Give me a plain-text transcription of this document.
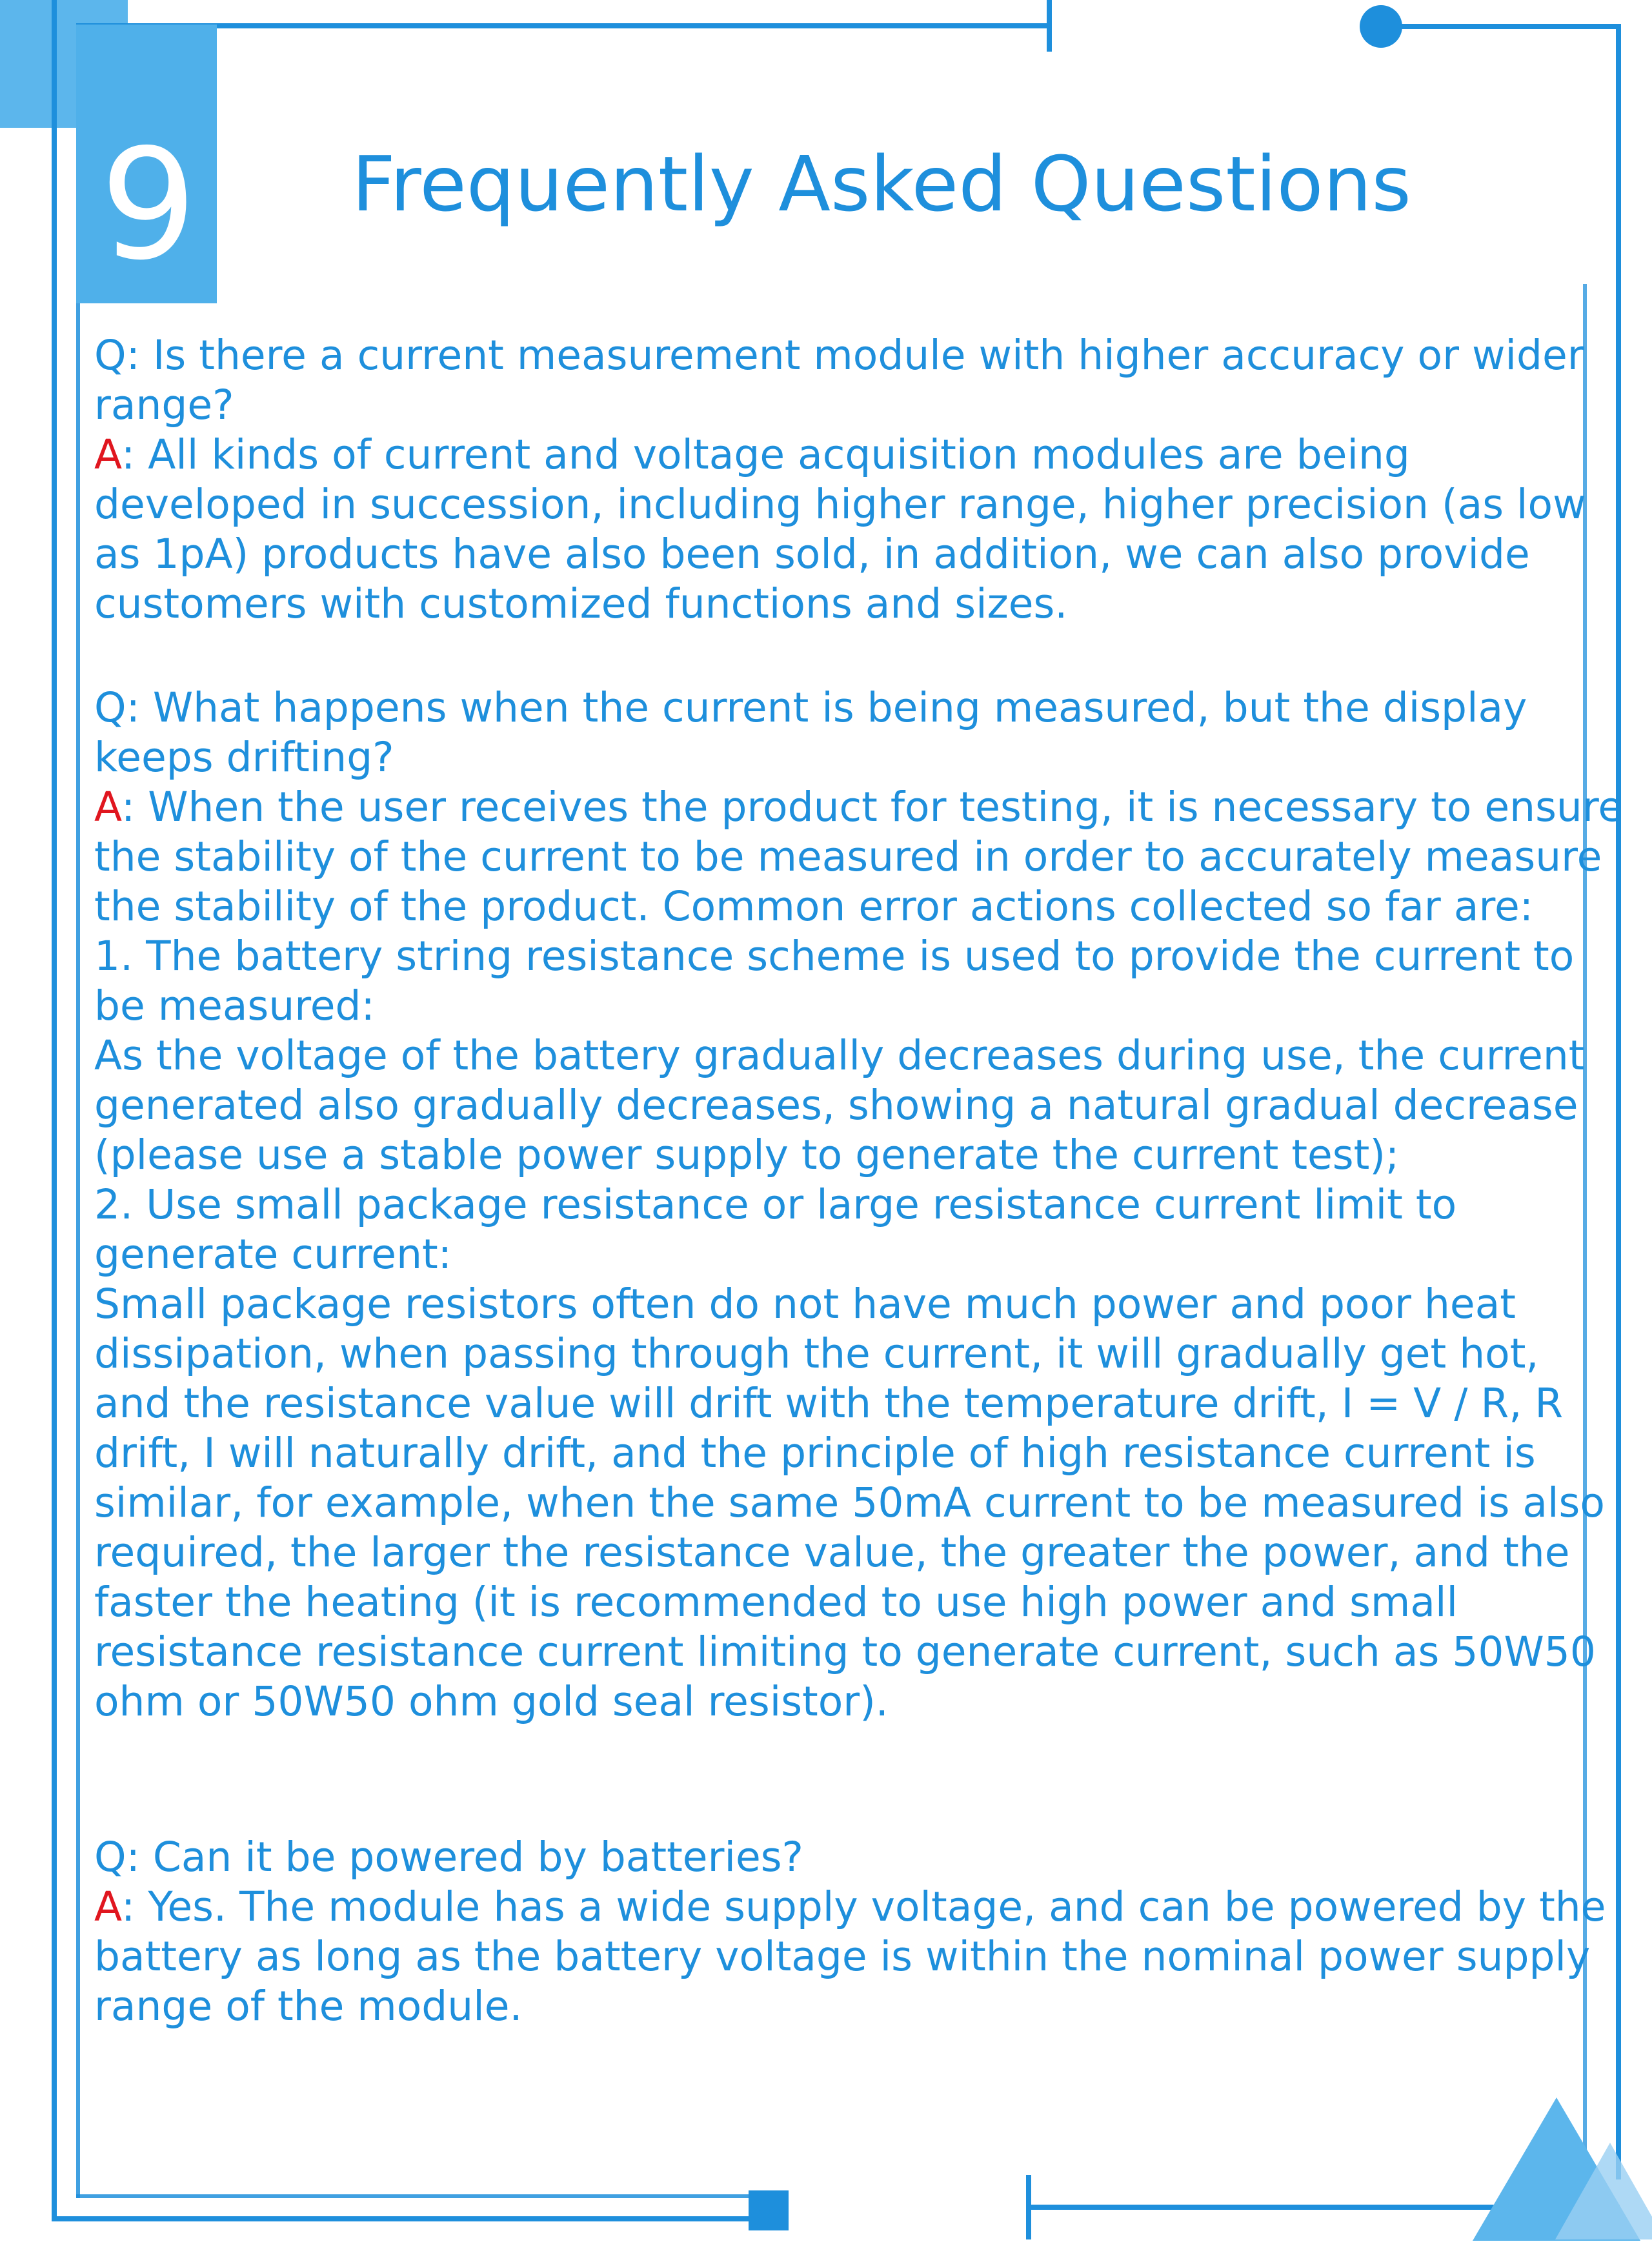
9 Frequently Asked Questions

Q: Is there a current measurement module with higher accuracy or wider range?

A: All kinds of current and voltage acquisition modules are being developed in succession, including higher range, higher precision (as low as 1pA) products have also been sold, in addition, we can also provide customers with customized functions and sizes.

Q: What happens when the current is being measured, but the display keeps drifting?

A: When the user receives the product for testing, it is necessary to ensure the stability of the current to be measured in order to accurately measure the stability of the product. Common error actions collected so far are:

1. The battery string resistance scheme is used to provide the current to be measured:

As the voltage of the battery gradually decreases during use, the current generated also gradually decreases, showing a natural gradual decrease (please use a stable power supply to generate the current test);

2. Use small package resistance or large resistance current limit to generate current:

Small package resistors often do not have much power and poor heat dissipation, when passing through the current, it will gradually get hot, and the resistance value will drift with the temperature drift, I = V / R, R drift, I will naturally drift, and the principle of high resistance current is similar, for example, when the same 50mA current to be measured is also required, the larger the resistance value, the greater the power, and the faster the heating (it is recommended to use high power and small resistance resistance current limiting to generate current, such as 50W50 ohm or 50W50 ohm gold seal resistor).

Q: Can it be powered by batteries?

A: Yes. The module has a wide supply voltage, and can be powered by the battery as long as the battery voltage is within the nominal power supply range of the module.
